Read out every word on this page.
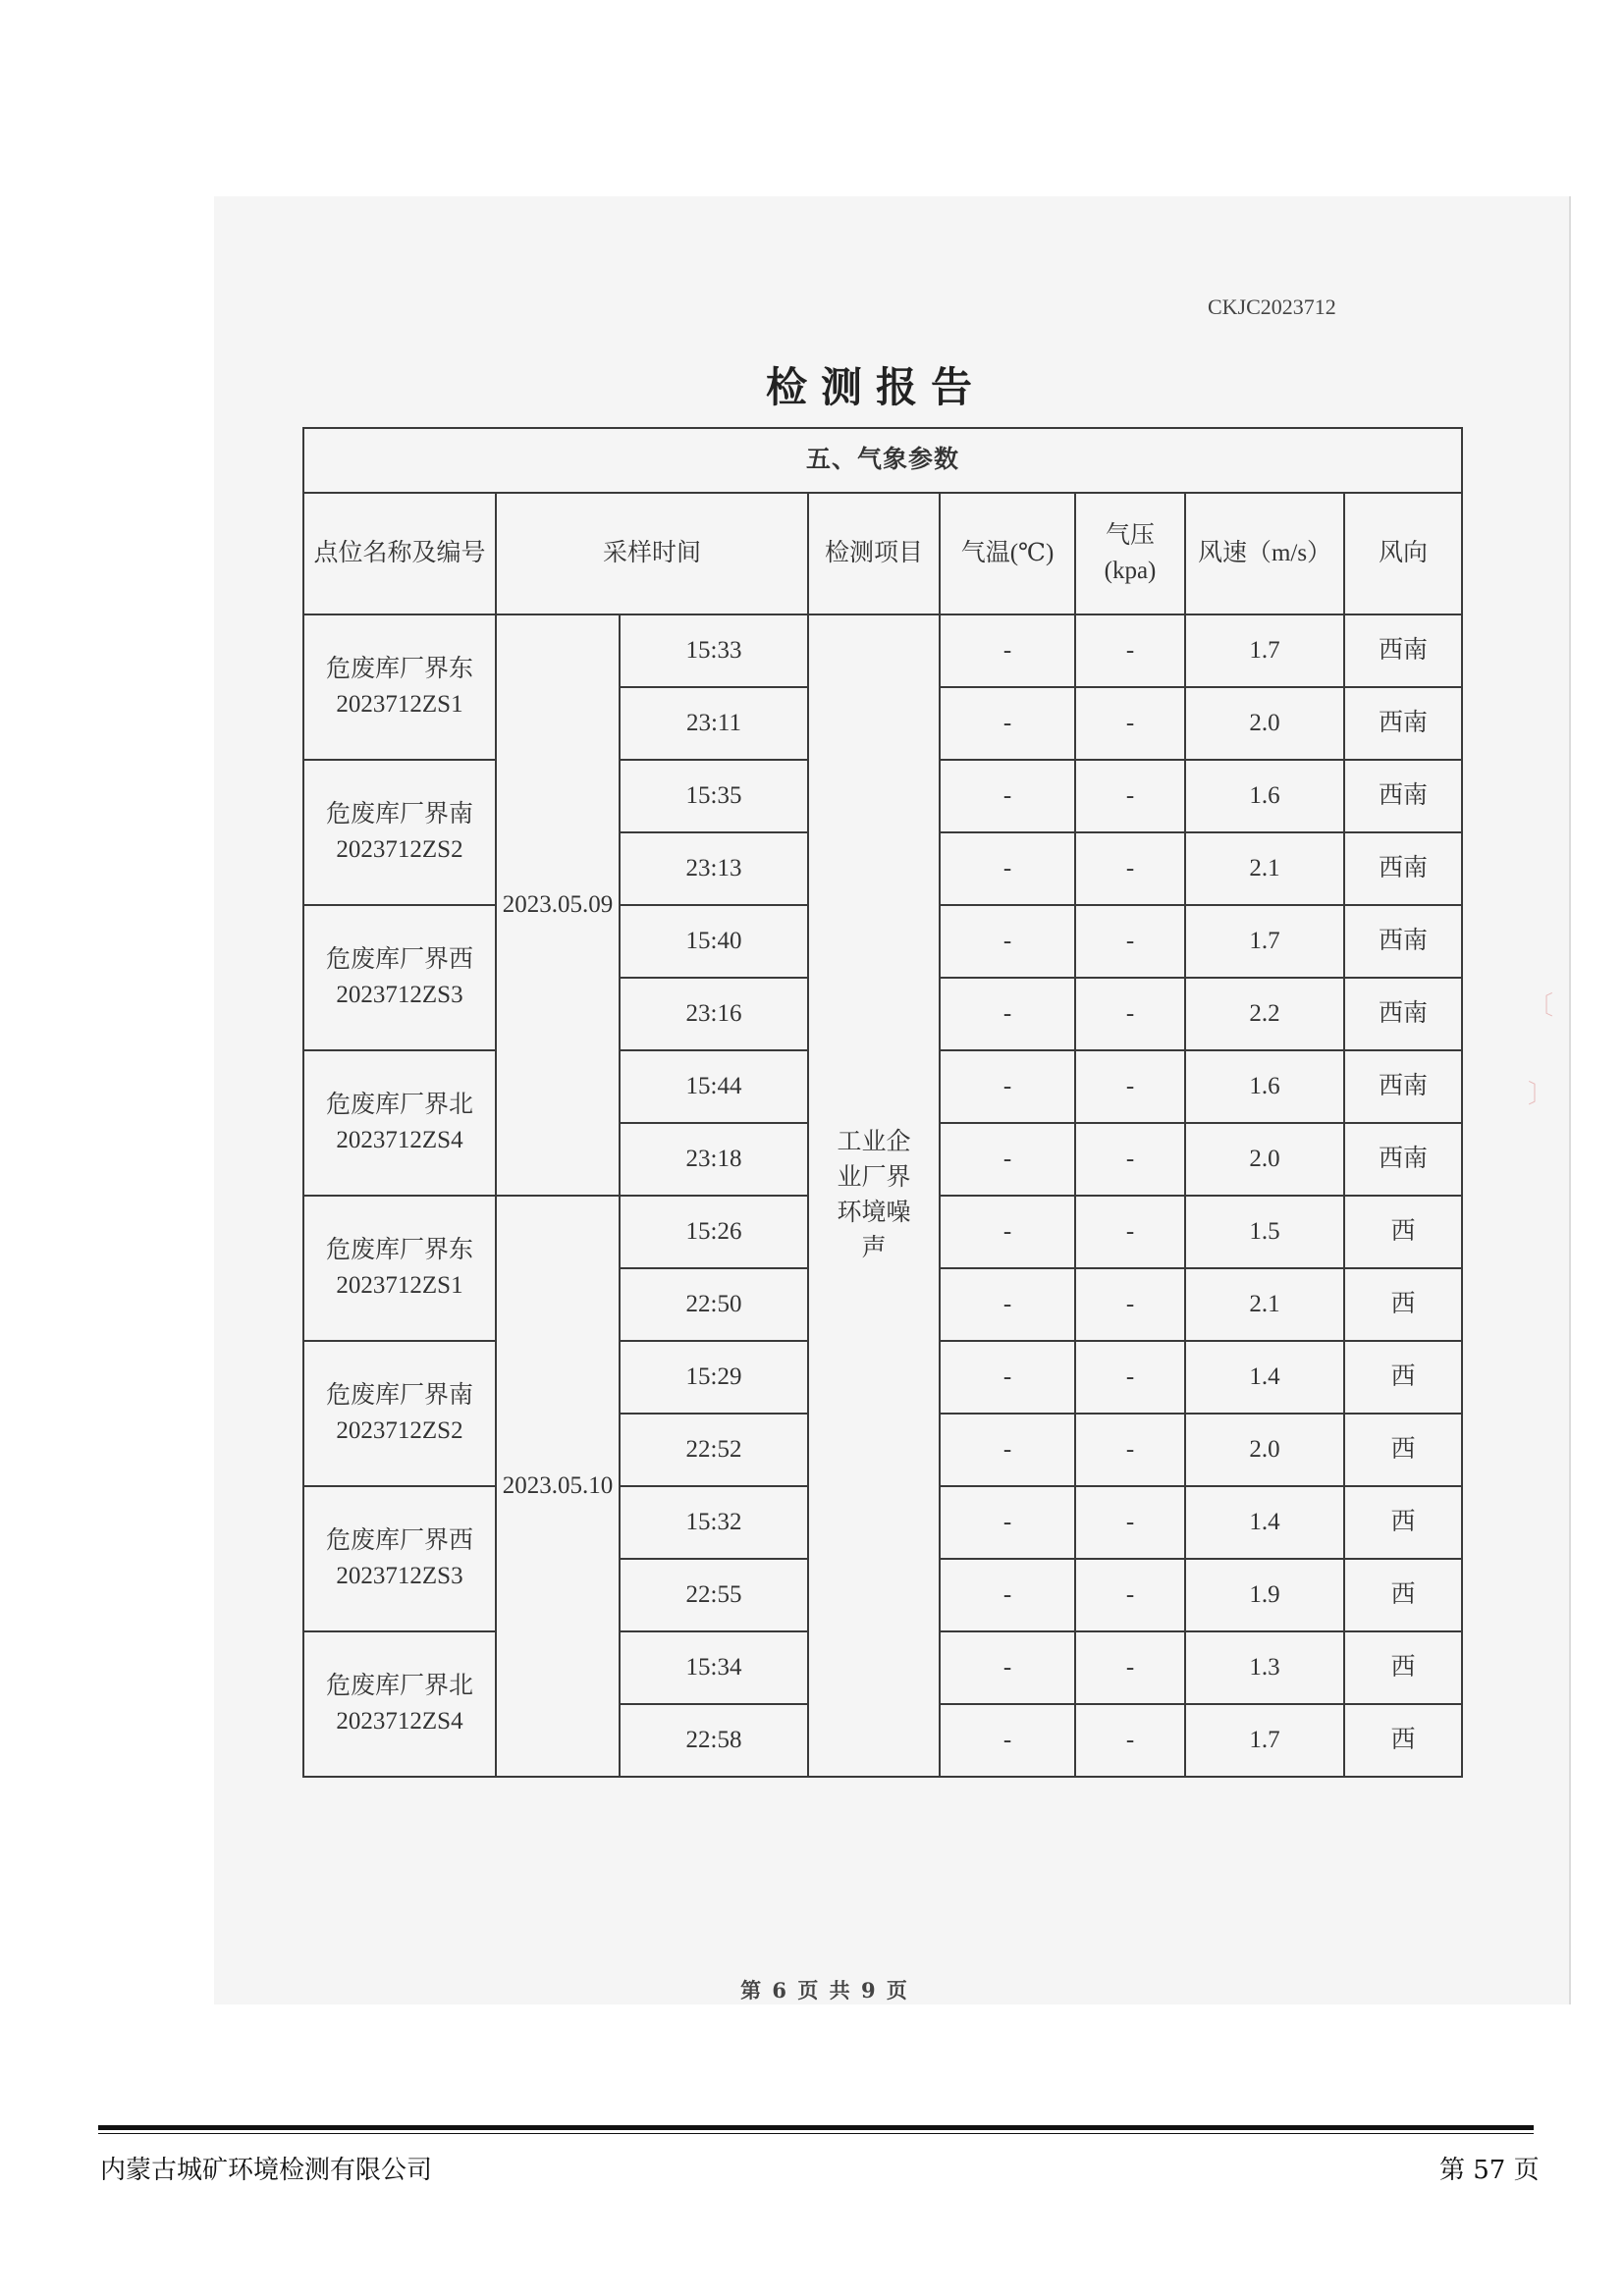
CKJC2023712
检测报告
五、气象参数							
点位名称及编号	采样时间		检测项目	气温(℃)	气压(kpa)	风速（m/s）	风向

危废库厂界东
2023712ZS1	2023.05.09	15:33	工业企业厂界环境噪声	-	-	1.7	西南
		23:11		-	-	2.0	西南

危废库厂界南
2023712ZS2		15:35		-	-	1.6	西南
		23:13		-	-	2.1	西南

危废库厂界西
2023712ZS3		15:40		-	-	1.7	西南
		23:16		-	-	2.2	西南

危废库厂界北
2023712ZS4		15:44		-	-	1.6	西南
		23:18		-	-	2.0	西南

危废库厂界东
2023712ZS1	2023.05.10	15:26		-	-	1.5	西
		22:50		-	-	2.1	西

危废库厂界南
2023712ZS2		15:29		-	-	1.4	西
		22:52		-	-	2.0	西

危废库厂界西
2023712ZS3		15:32		-	-	1.4	西
		22:55		-	-	1.9	西

危废库厂界北
2023712ZS4		15:34		-	-	1.3	西
		22:58		-	-	1.7	西
〔
〕
第 6 页 共 9 页
内蒙古城矿环境检测有限公司	第 57 页
